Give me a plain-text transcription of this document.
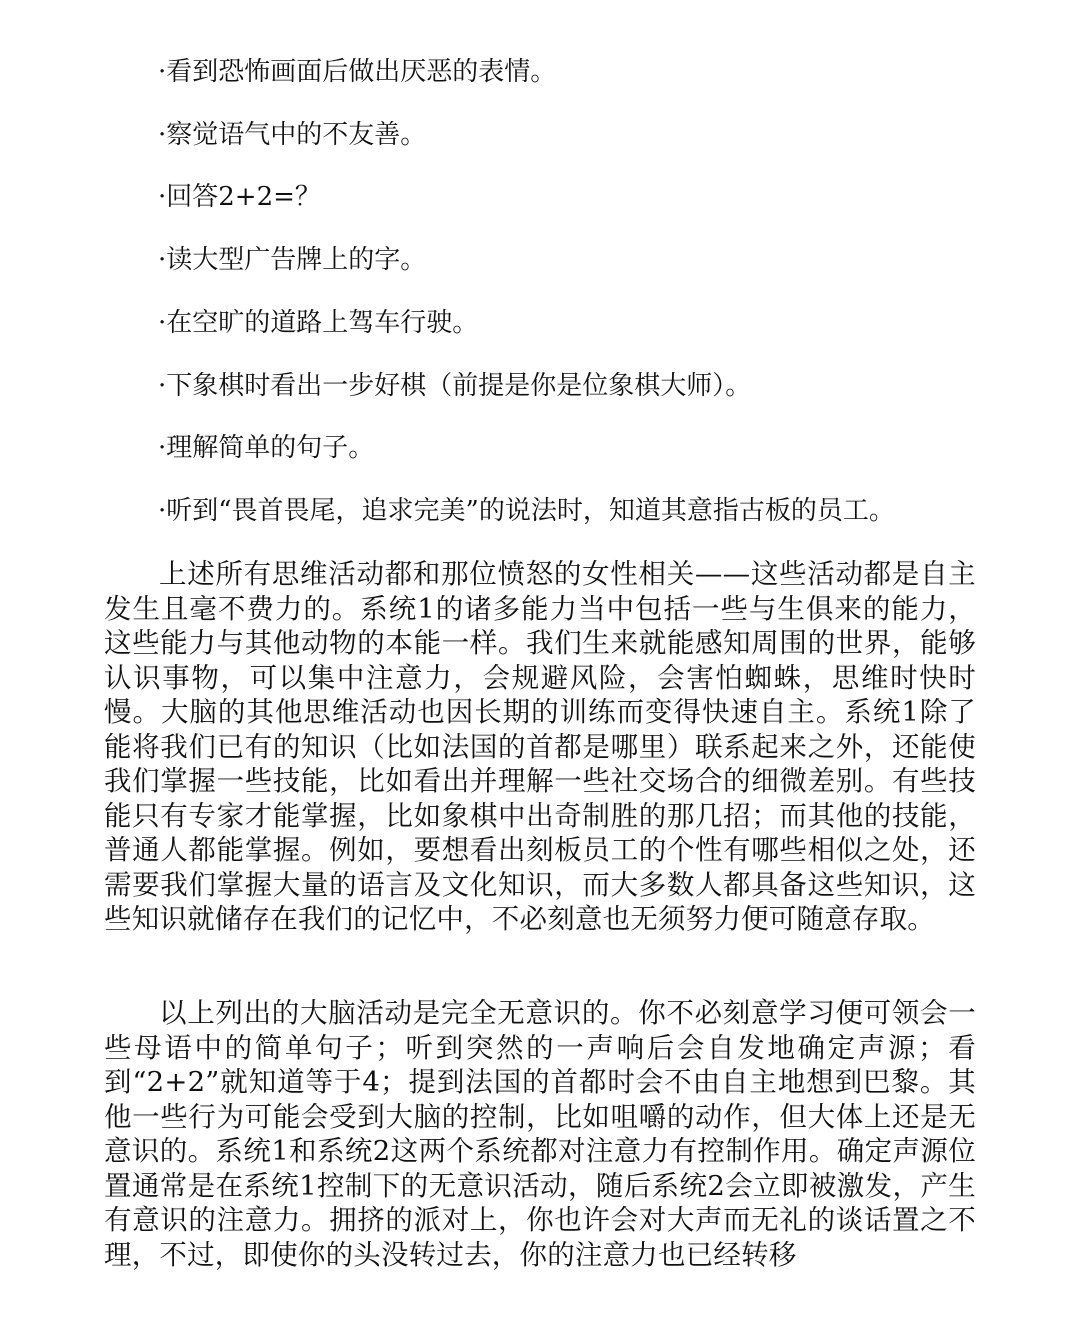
·看到恐怖画面后做出厌恶的表情。
·察觉语气中的不友善。
·回答2+2=？
·读大型广告牌上的字。
·在空旷的道路上驾车行驶。
·下象棋时看出一步好棋（前提是你是位象棋大师）。
·理解简单的句子。
·听到“畏首畏尾，追求完美”的说法时，知道其意指古板的员工。

上述所有思维活动都和那位愤怒的女性相关——这些活动都是自主发生且毫不费力的。系统1的诸多能力当中包括一些与生俱来的能力，这些能力与其他动物的本能一样。我们生来就能感知周围的世界，能够认识事物，可以集中注意力，会规避风险，会害怕蜘蛛，思维时快时慢。大脑的其他思维活动也因长期的训练而变得快速自主。系统1除了能将我们已有的知识（比如法国的首都是哪里）联系起来之外，还能使我们掌握一些技能，比如看出并理解一些社交场合的细微差别。有些技能只有专家才能掌握，比如象棋中出奇制胜的那几招；而其他的技能，普通人都能掌握。例如，要想看出刻板员工的个性有哪些相似之处，还需要我们掌握大量的语言及文化知识，而大多数人都具备这些知识，这些知识就储存在我们的记忆中，不必刻意也无须努力便可随意存取。

以上列出的大脑活动是完全无意识的。你不必刻意学习便可领会一些母语中的简单句子；听到突然的一声响后会自发地确定声源；看到“2+2”就知道等于4；提到法国的首都时会不由自主地想到巴黎。其他一些行为可能会受到大脑的控制，比如咀嚼的动作，但大体上还是无意识的。系统1和系统2这两个系统都对注意力有控制作用。确定声源位置通常是在系统1控制下的无意识活动，随后系统2会立即被激发，产生有意识的注意力。拥挤的派对上，你也许会对大声而无礼的谈话置之不理，不过，即使你的头没转过去，你的注意力也已经转移
